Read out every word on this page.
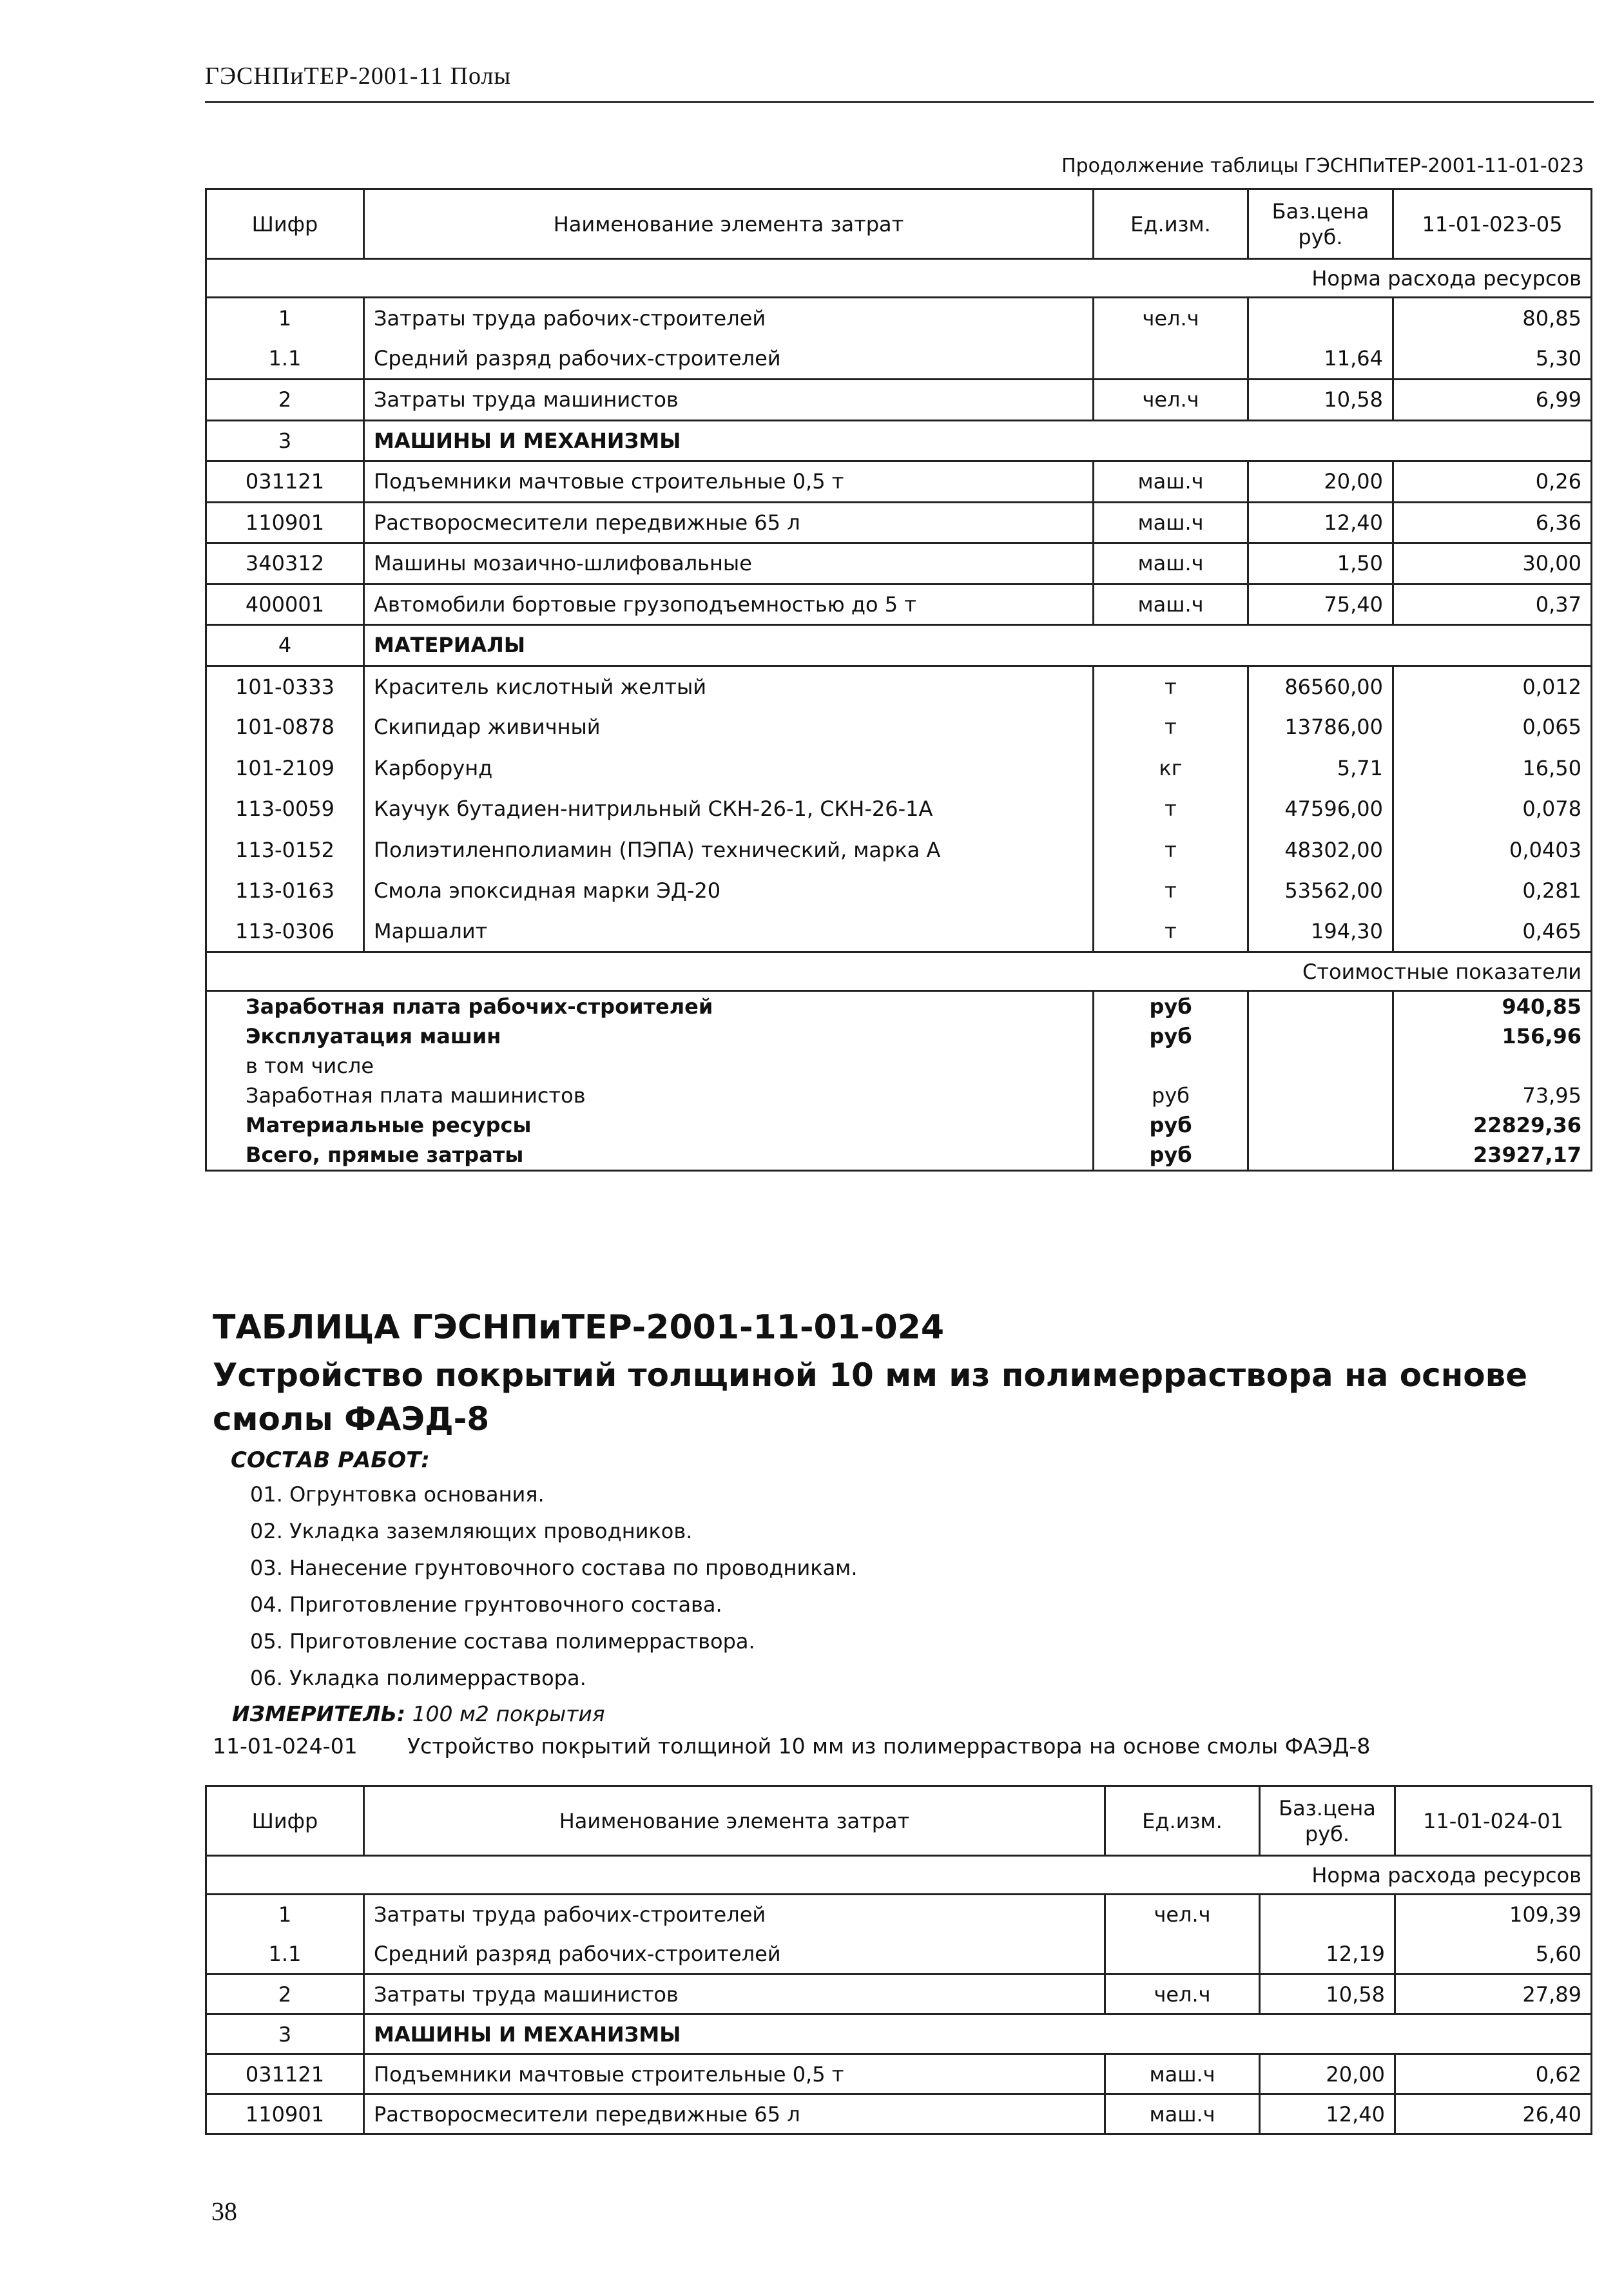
ГЭСНПиТЕР-2001-11 Полы
Продолжение таблицы ГЭСНПиТЕР-2001-11-01-023
Шифр	Наименование элемента затрат	Ед.изм.	Баз.цена
руб.	11-01-023-05
Норма расхода ресурсов				
1	Затраты труда рабочих-строителей	чел.ч		80,85
1.1	Средний разряд рабочих-строителей		11,64	5,30
2	Затраты труда машинистов	чел.ч	10,58	6,99
3	МАШИНЫ И МЕХАНИЗМЫ			
031121	Подъемники мачтовые строительные 0,5 т	маш.ч	20,00	0,26
110901	Растворосмесители передвижные 65 л	маш.ч	12,40	6,36
340312	Машины мозаично-шлифовальные	маш.ч	1,50	30,00
400001	Автомобили бортовые грузоподъемностью до 5 т	маш.ч	75,40	0,37
4	МАТЕРИАЛЫ			
101-0333	Краситель кислотный желтый	т	86560,00	0,012
101-0878	Скипидар живичный	т	13786,00	0,065
101-2109	Карборунд	кг	5,71	16,50
113-0059	Каучук бутадиен-нитрильный СКН-26-1, СКН-26-1А	т	47596,00	0,078
113-0152	Полиэтиленполиамин (ПЭПА) технический, марка А	т	48302,00	0,0403
113-0163	Смола эпоксидная марки ЭД-20	т	53562,00	0,281
113-0306	Маршалит	т	194,30	0,465
Стоимостные показатели				
Заработная плата рабочих-строителей		руб		940,85
Эксплуатация машин		руб		156,96
в том числе				
Заработная плата машинистов		руб		73,95
Материальные ресурсы		руб		22829,36
Всего, прямые затраты		руб		23927,17
ТАБЛИЦА ГЭСНПиТЕР-2001-11-01-024
Устройство покрытий толщиной 10 мм из полимерраствора на основе смолы ФАЭД-8
СОСТАВ РАБОТ:
01. Огрунтовка основания.
02. Укладка заземляющих проводников.
03. Нанесение грунтовочного состава по проводникам.
04. Приготовление грунтовочного состава.
05. Приготовление состава полимерраствора.
06. Укладка полимерраствора.
ИЗМЕРИТЕЛЬ: 100 м2 покрытия
11-01-024-01 Устройство покрытий толщиной 10 мм из полимерраствора на основе смолы ФАЭД-8
Шифр	Наименование элемента затрат	Ед.изм.	Баз.цена
руб.	11-01-024-01
Норма расхода ресурсов				
1	Затраты труда рабочих-строителей	чел.ч		109,39
1.1	Средний разряд рабочих-строителей		12,19	5,60
2	Затраты труда машинистов	чел.ч	10,58	27,89
3	МАШИНЫ И МЕХАНИЗМЫ			
031121	Подъемники мачтовые строительные 0,5 т	маш.ч	20,00	0,62
110901	Растворосмесители передвижные 65 л	маш.ч	12,40	26,40
38
